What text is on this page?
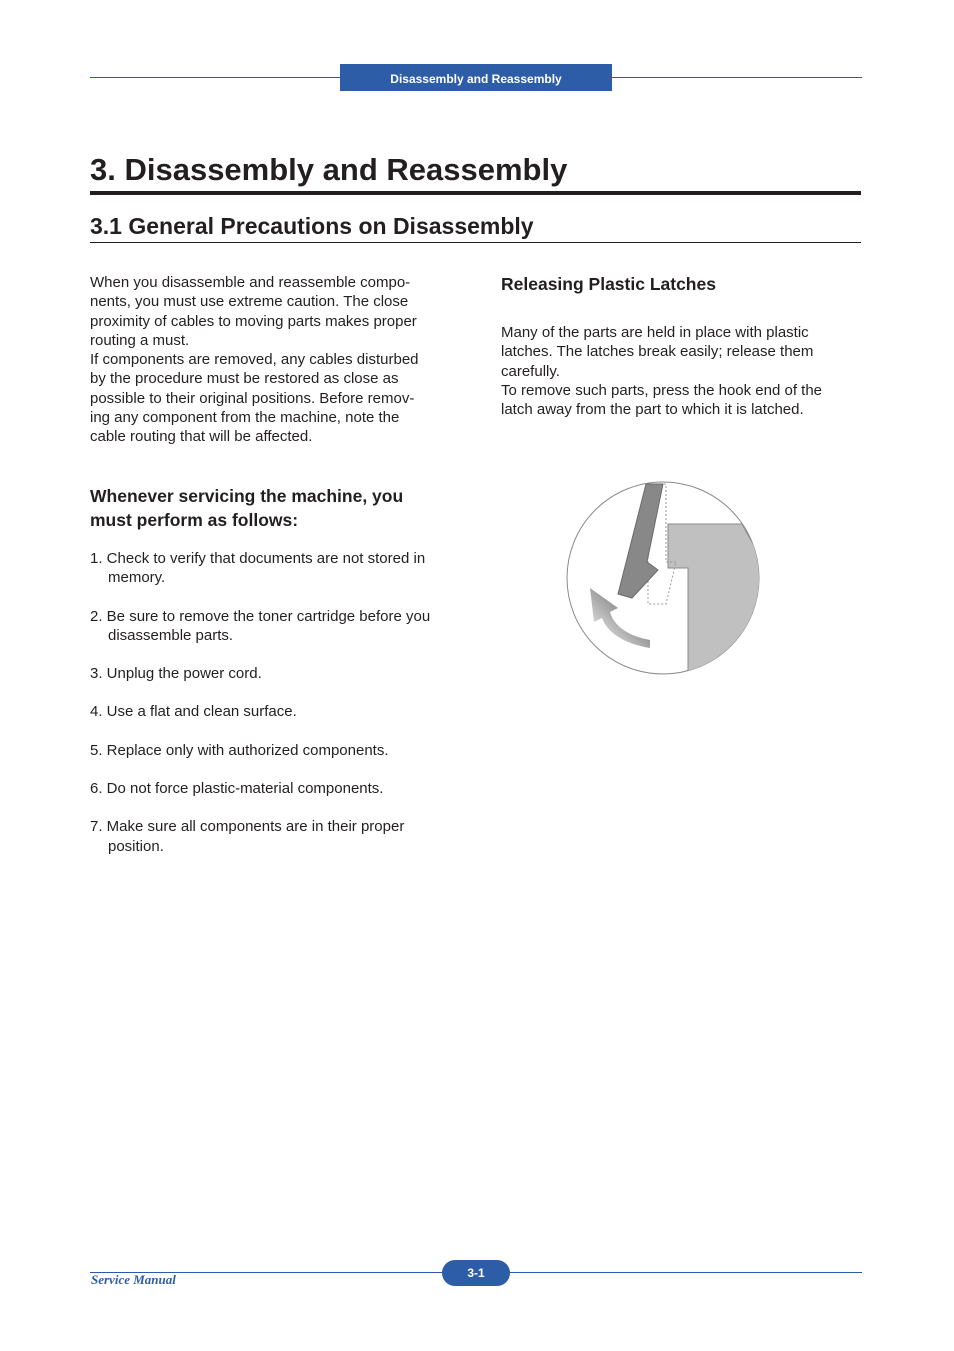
Disassembly and Reassembly
3. Disassembly and Reassembly
3.1 General Precautions on Disassembly
When you disassemble and reassemble compo-
nents, you must use extreme caution. The close
proximity of cables to moving parts makes proper
routing a must.
If components are removed, any cables disturbed
by the procedure must be restored as close as
possible to their original positions. Before remov-
ing any component from the machine, note the
cable routing that will be affected.
Whenever servicing the machine, you
must perform as follows:
1. Check to verify that documents are not stored in memory.
2. Be sure to remove the toner cartridge before you disassemble parts.
3. Unplug the power cord.
4. Use a flat and clean surface.
5. Replace only with authorized components.
6. Do not force plastic-material components.
7. Make sure all components are in their proper position.
Releasing Plastic Latches
Many of the parts are held in place with plastic
latches. The latches break easily; release them
carefully.
To remove such parts, press the hook end of the
latch away from the part to which it is latched.
3-1
Service Manual
